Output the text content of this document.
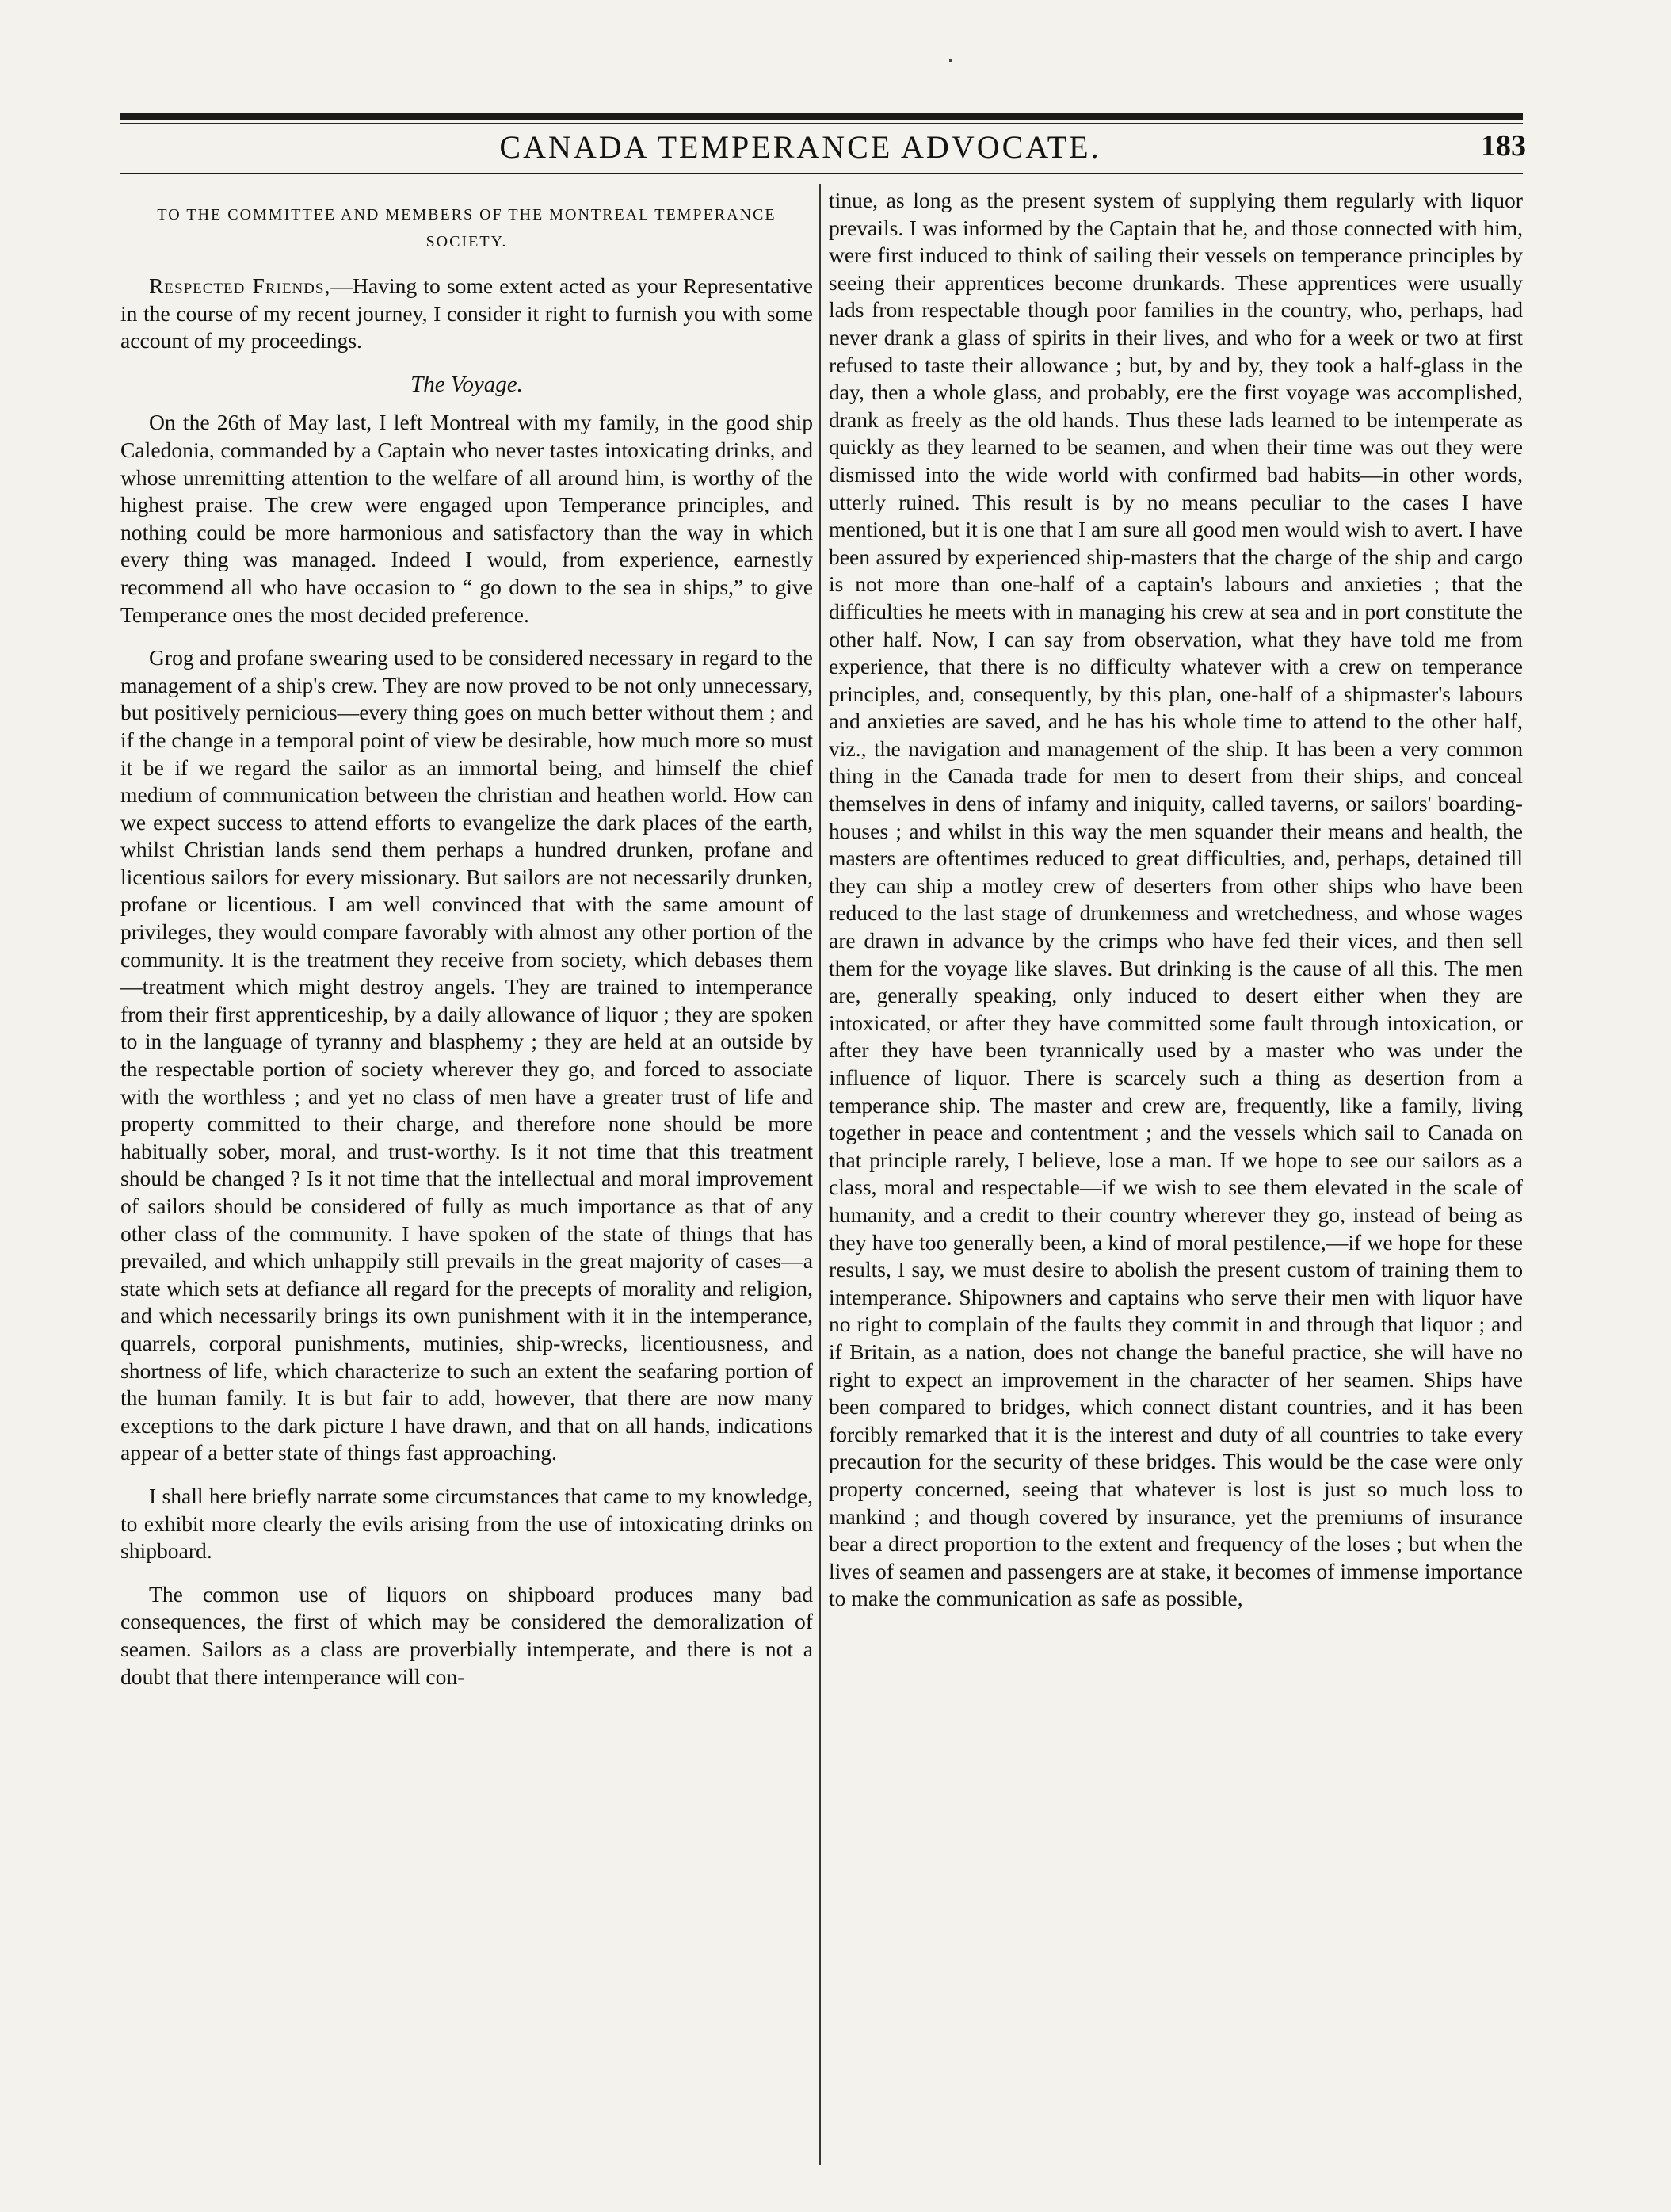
CANADA TEMPERANCE ADVOCATE.	183
TO THE COMMITTEE AND MEMBERS OF THE MONTREAL TEMPERANCE SOCIETY.

Respected Friends,—Having to some extent acted as your Representative in the course of my recent journey, I consider it right to furnish you with some account of my proceedings.

The Voyage.

On the 26th of May last, I left Montreal with my family, in the good ship Caledonia, commanded by a Captain who never tastes intoxicating drinks, and whose unremitting attention to the welfare of all around him, is worthy of the highest praise. The crew were engaged upon Temperance principles, and nothing could be more harmonious and satisfactory than the way in which every thing was managed. Indeed I would, from experience, earnestly recommend all who have occasion to “ go down to the sea in ships,” to give Temperance ones the most decided preference.

Grog and profane swearing used to be considered necessary in regard to the management of a ship's crew. They are now proved to be not only unnecessary, but positively pernicious—every thing goes on much better without them ; and if the change in a temporal point of view be desirable, how much more so must it be if we regard the sailor as an immortal being, and himself the chief medium of communication between the christian and heathen world. How can we expect success to attend efforts to evangelize the dark places of the earth, whilst Christian lands send them perhaps a hundred drunken, profane and licentious sailors for every missionary. But sailors are not necessarily drunken, profane or licentious. I am well convinced that with the same amount of privileges, they would compare favorably with almost any other portion of the community. It is the treatment they receive from society, which debases them—treatment which might destroy angels. They are trained to intemperance from their first apprenticeship, by a daily allowance of liquor ; they are spoken to in the language of tyranny and blasphemy ; they are held at an outside by the respectable portion of society wherever they go, and forced to associate with the worthless ; and yet no class of men have a greater trust of life and property committed to their charge, and therefore none should be more habitually sober, moral, and trust-worthy. Is it not time that this treatment should be changed ? Is it not time that the intellectual and moral improvement of sailors should be considered of fully as much importance as that of any other class of the community. I have spoken of the state of things that has prevailed, and which unhappily still prevails in the great majority of cases—a state which sets at defiance all regard for the precepts of morality and religion, and which necessarily brings its own punishment with it in the intemperance, quarrels, corporal punishments, mutinies, ship-wrecks, licentiousness, and shortness of life, which characterize to such an extent the seafaring portion of the human family. It is but fair to add, however, that there are now many exceptions to the dark picture I have drawn, and that on all hands, indications appear of a better state of things fast approaching.

I shall here briefly narrate some circumstances that came to my knowledge, to exhibit more clearly the evils arising from the use of intoxicating drinks on shipboard.

The common use of liquors on shipboard produces many bad consequences, the first of which may be considered the demoralization of seamen. Sailors as a class are proverbially intemperate, and there is not a doubt that there intemperance will con-

tinue, as long as the present system of supplying them regularly with liquor prevails. I was informed by the Captain that he, and those connected with him, were first induced to think of sailing their vessels on temperance principles by seeing their apprentices become drunkards. These apprentices were usually lads from respectable though poor families in the country, who, perhaps, had never drank a glass of spirits in their lives, and who for a week or two at first refused to taste their allowance ; but, by and by, they took a half-glass in the day, then a whole glass, and probably, ere the first voyage was accomplished, drank as freely as the old hands. Thus these lads learned to be intemperate as quickly as they learned to be seamen, and when their time was out they were dismissed into the wide world with confirmed bad habits—in other words, utterly ruined. This result is by no means peculiar to the cases I have mentioned, but it is one that I am sure all good men would wish to avert. I have been assured by experienced ship-masters that the charge of the ship and cargo is not more than one-half of a captain's labours and anxieties ; that the difficulties he meets with in managing his crew at sea and in port constitute the other half. Now, I can say from observation, what they have told me from experience, that there is no difficulty whatever with a crew on temperance principles, and, consequently, by this plan, one-half of a shipmaster's labours and anxieties are saved, and he has his whole time to attend to the other half, viz., the navigation and management of the ship. It has been a very common thing in the Canada trade for men to desert from their ships, and conceal themselves in dens of infamy and iniquity, called taverns, or sailors' boarding-houses ; and whilst in this way the men squander their means and health, the masters are oftentimes reduced to great difficulties, and, perhaps, detained till they can ship a motley crew of deserters from other ships who have been reduced to the last stage of drunkenness and wretchedness, and whose wages are drawn in advance by the crimps who have fed their vices, and then sell them for the voyage like slaves. But drinking is the cause of all this. The men are, generally speaking, only induced to desert either when they are intoxicated, or after they have committed some fault through intoxication, or after they have been tyrannically used by a master who was under the influence of liquor. There is scarcely such a thing as desertion from a temperance ship. The master and crew are, frequently, like a family, living together in peace and contentment ; and the vessels which sail to Canada on that principle rarely, I believe, lose a man. If we hope to see our sailors as a class, moral and respectable—if we wish to see them elevated in the scale of humanity, and a credit to their country wherever they go, instead of being as they have too generally been, a kind of moral pestilence,—if we hope for these results, I say, we must desire to abolish the present custom of training them to intemperance. Shipowners and captains who serve their men with liquor have no right to complain of the faults they commit in and through that liquor ; and if Britain, as a nation, does not change the baneful practice, she will have no right to expect an improvement in the character of her seamen. Ships have been compared to bridges, which connect distant countries, and it has been forcibly remarked that it is the interest and duty of all countries to take every precaution for the security of these bridges. This would be the case were only property concerned, seeing that whatever is lost is just so much loss to mankind ; and though covered by insurance, yet the premiums of insurance bear a direct proportion to the extent and frequency of the loses ; but when the lives of seamen and passengers are at stake, it becomes of immense importance to make the communication as safe as possible,
